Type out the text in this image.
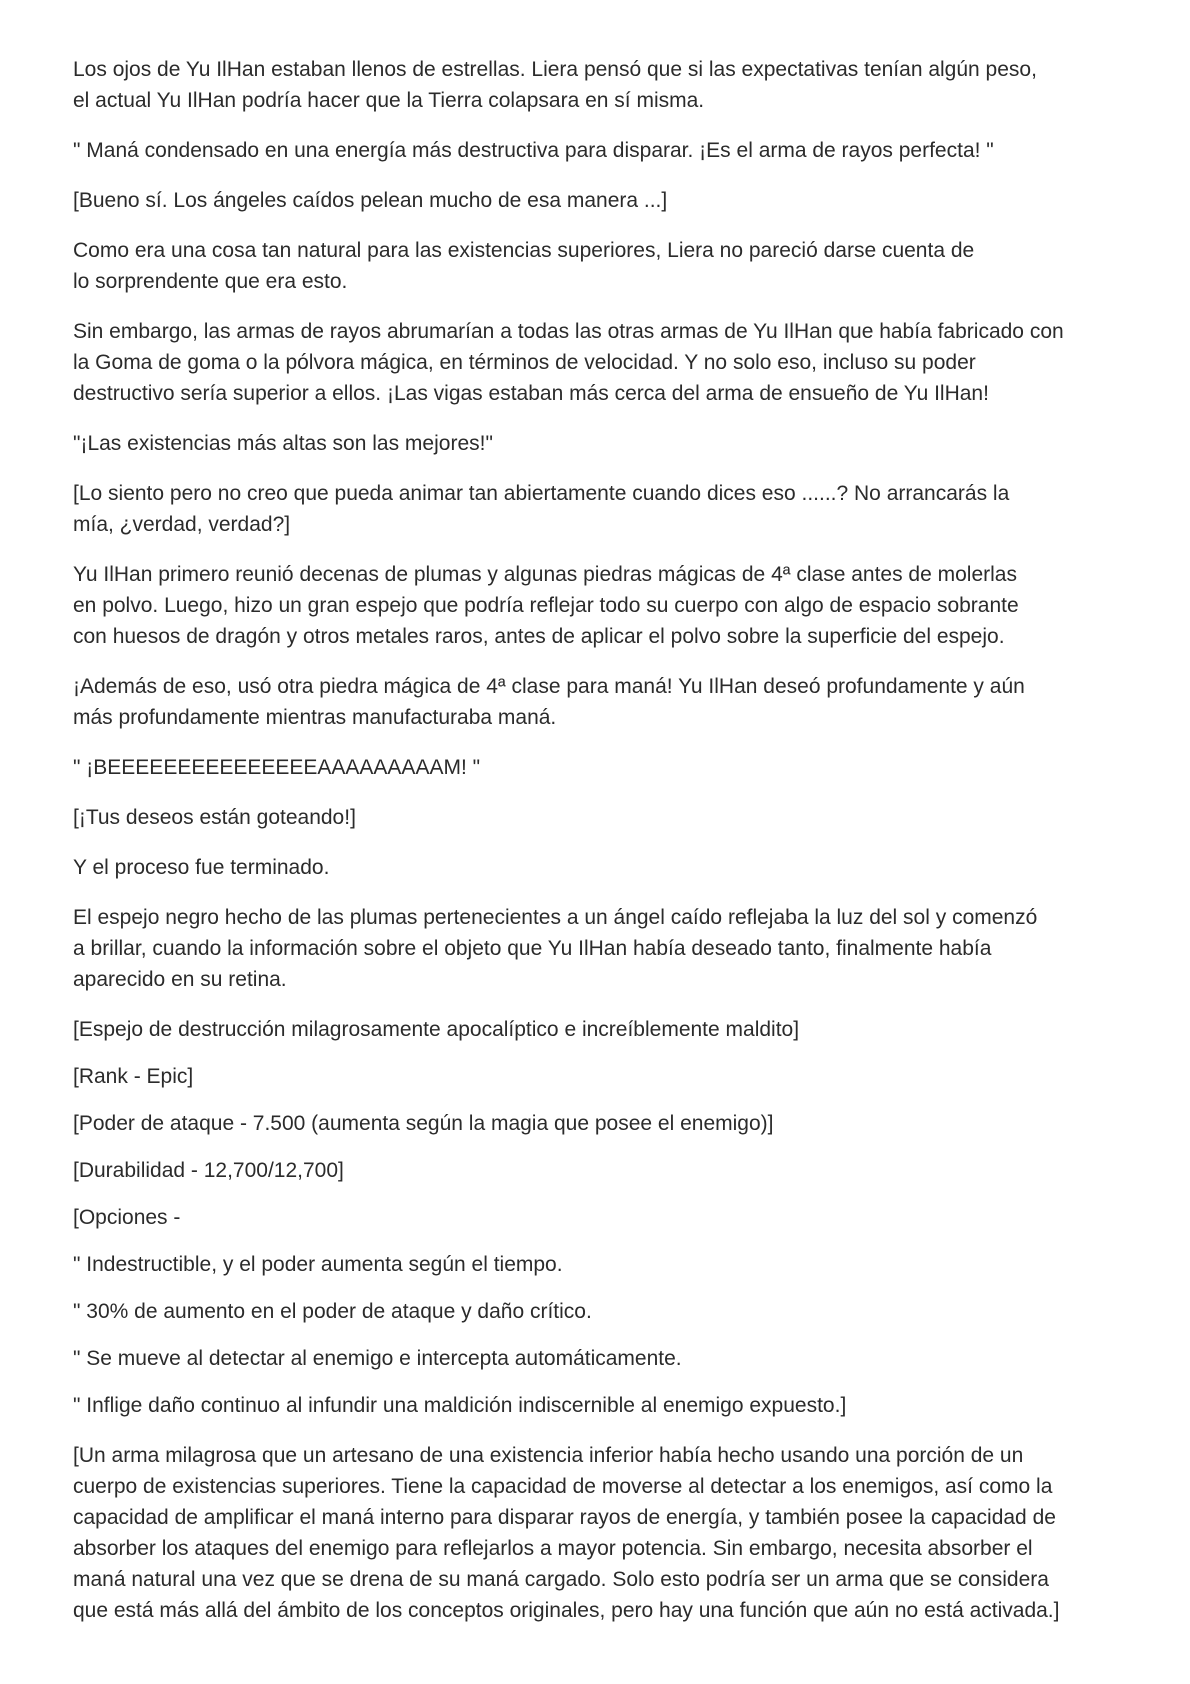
Los ojos de Yu IlHan estaban llenos de estrellas. Liera pensó que si las expectativas tenían algún peso,
el actual Yu IlHan podría hacer que la Tierra colapsara en sí misma.

" Maná condensado en una energía más destructiva para disparar. ¡Es el arma de rayos perfecta! "

[Bueno sí. Los ángeles caídos pelean mucho de esa manera ...]

Como era una cosa tan natural para las existencias superiores, Liera no pareció darse cuenta de
lo sorprendente que era esto.

Sin embargo, las armas de rayos abrumarían a todas las otras armas de Yu IlHan que había fabricado con
la Goma de goma o la pólvora mágica, en términos de velocidad. Y no solo eso, incluso su poder
destructivo sería superior a ellos. ¡Las vigas estaban más cerca del arma de ensueño de Yu IlHan!

"¡Las existencias más altas son las mejores!"

[Lo siento pero no creo que pueda animar tan abiertamente cuando dices eso ......? No arrancarás la
mía, ¿verdad, verdad?]

Yu IlHan primero reunió decenas de plumas y algunas piedras mágicas de 4ª clase antes de molerlas
en polvo. Luego, hizo un gran espejo que podría reflejar todo su cuerpo con algo de espacio sobrante
con huesos de dragón y otros metales raros, antes de aplicar el polvo sobre la superficie del espejo.

¡Además de eso, usó otra piedra mágica de 4ª clase para maná! Yu IlHan deseó profundamente y aún
más profundamente mientras manufacturaba maná.

" ¡BEEEEEEEEEEEEEEEAAAAAAAAAM! "

[¡Tus deseos están goteando!]

Y el proceso fue terminado.

El espejo negro hecho de las plumas pertenecientes a un ángel caído reflejaba la luz del sol y comenzó
a brillar, cuando la información sobre el objeto que Yu IlHan había deseado tanto, finalmente había
aparecido en su retina.

[Espejo de destrucción milagrosamente apocalíptico e increíblemente maldito]

[Rank - Epic]

[Poder de ataque - 7.500 (aumenta según la magia que posee el enemigo)]

[Durabilidad - 12,700/12,700]

[Opciones -

" Indestructible, y el poder aumenta según el tiempo.

" 30% de aumento en el poder de ataque y daño crítico.

" Se mueve al detectar al enemigo e intercepta automáticamente.

" Inflige daño continuo al infundir una maldición indiscernible al enemigo expuesto.]

[Un arma milagrosa que un artesano de una existencia inferior había hecho usando una porción de un
cuerpo de existencias superiores. Tiene la capacidad de moverse al detectar a los enemigos, así como la
capacidad de amplificar el maná interno para disparar rayos de energía, y también posee la capacidad de
absorber los ataques del enemigo para reflejarlos a mayor potencia. Sin embargo, necesita absorber el
maná natural una vez que se drena de su maná cargado. Solo esto podría ser un arma que se considera
que está más allá del ámbito de los conceptos originales, pero hay una función que aún no está activada.]
